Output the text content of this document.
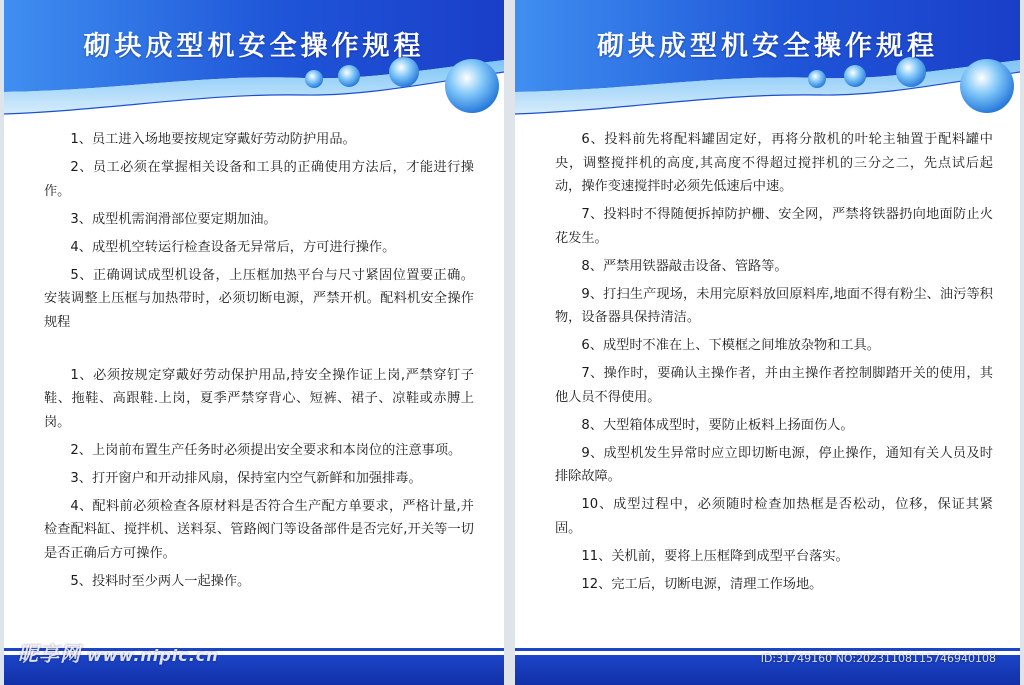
砌块成型机安全操作规程

1、员工进入场地要按规定穿戴好劳动防护用品。

2、员工必须在掌握相关设备和工具的正确使用方法后，才能进行操作。

3、成型机需润滑部位要定期加油。

4、成型机空转运行检查设备无异常后，方可进行操作。

5、正确调试成型机设备，上压框加热平台与尺寸紧固位置要正确。安装调整上压框与加热带时，必须切断电源，严禁开机。配料机安全操作规程

1、必须按规定穿戴好劳动保护用品,持安全操作证上岗,严禁穿钉子鞋、拖鞋、高跟鞋.上岗，夏季严禁穿背心、短裤、裙子、凉鞋或赤膊上岗。

2、上岗前布置生产任务时必须提出安全要求和本岗位的注意事项。

3、打开窗户和开动排风扇，保持室内空气新鲜和加强排毒。

4、配料前必须检查各原材料是否符合生产配方单要求，严格计量,并检查配料缸、搅拌机、送料泵、管路阀门等设备部件是否完好,开关等一切是否正确后方可操作。

5、投料时至少两人一起操作。

昵享网 www.nipic.cn
砌块成型机安全操作规程

6、投料前先将配料罐固定好，再将分散机的叶轮主轴置于配料罐中央，调整搅拌机的高度,其高度不得超过搅拌机的三分之二，先点试后起动，操作变速搅拌时必须先低速后中速。

7、投料时不得随便拆掉防护栅、安全网，严禁将铁器扔向地面防止火花发生。

8、严禁用铁器敲击设备、管路等。

9、打扫生产现场，未用完原料放回原料库,地面不得有粉尘、油污等积物，设备器具保持清洁。

6、成型时不准在上、下模框之间堆放杂物和工具。

7、操作时，要确认主操作者，并由主操作者控制脚踏开关的使用，其他人员不得使用。

8、大型箱体成型时，要防止板料上扬面伤人。

9、成型机发生异常时应立即切断电源，停止操作，通知有关人员及时排除故障。

10、成型过程中，必须随时检查加热框是否松动，位移，保证其紧固。

11、关机前，要将上压框降到成型平台落实。

12、完工后，切断电源，清理工作场地。

ID:31749160 NO:20231108115746940108
